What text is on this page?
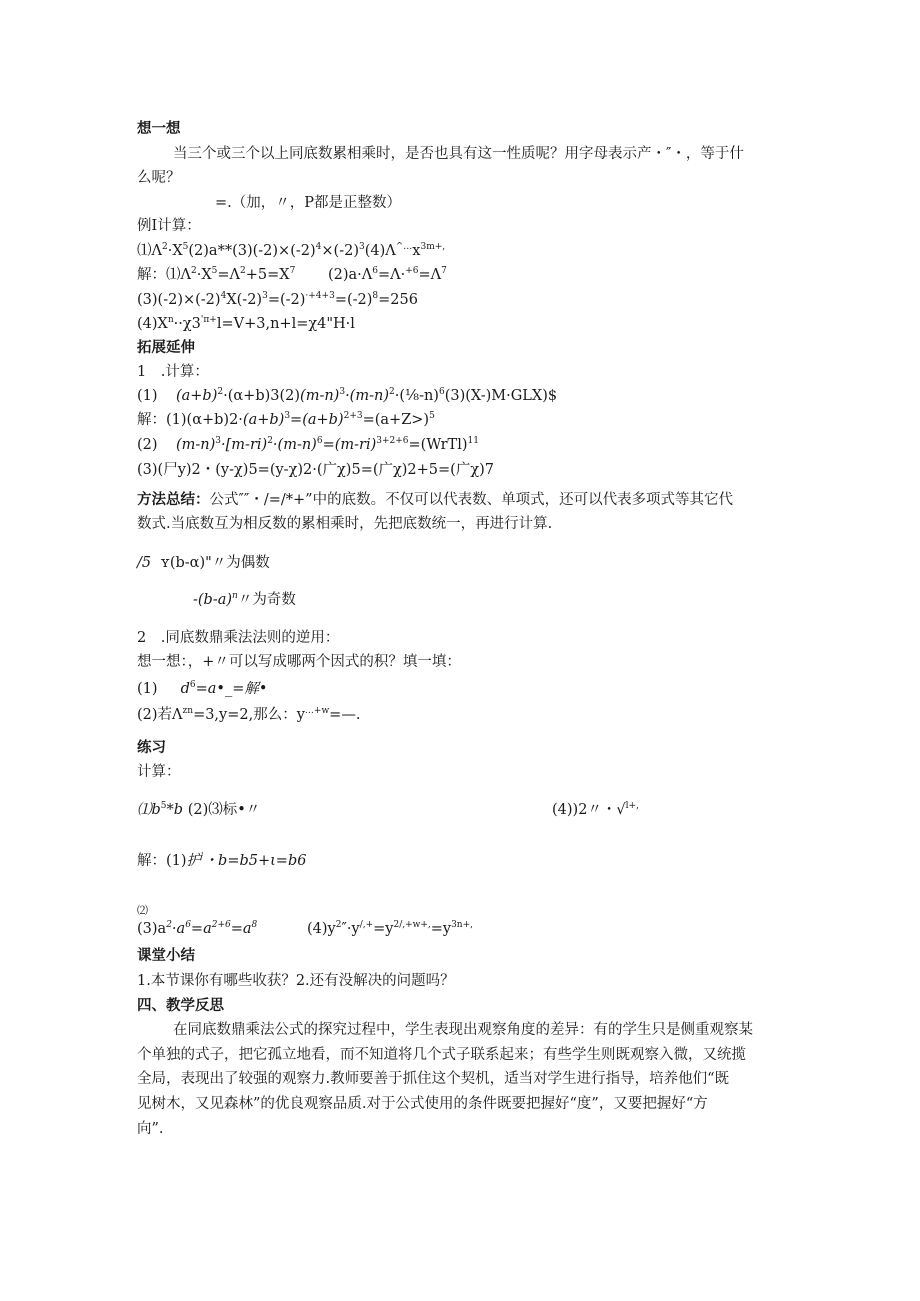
想一想
当三个或三个以上同底数累相乘时，是否也具有这一性质呢？用字母表示产・″・，等于什
么呢？
=.（加，〃，P都是正整数）
例I计算：
$⑴\Lambda^2\cdot X^5(2)a**(3)(-2)\times(-2)^4\times(-2)^3(4)\Lambda^{\^{}\dots}x^{3m+,}$
解：$⑴\Lambda^2\cdot X^5=\Lambda^2+5=X^7$ $(2)a\cdot\Lambda^6=\Lambda\cdot^{+6}=\Lambda^7$
$(3)(-2)\times(-2)^4X(-2)^3=(-2)^{\cdot+4+3}=(-2)^8=256$
$(4)X^n\cdot\cdot\chi 3^{'\pi+}l=V+3,n+l=\chi 4"H\cdot l$
拓展延伸
1　.计算：
(1) $(a+b)^2\cdot(\alpha+b)3(2)(m-n)^3\cdot(m-n)^2\cdot(\frac{1}{8}-n)^6(3)(X-)M\cdot GLX)\$$
解：$(1)(\alpha+b)2\cdot(a+b)^3=(a+b)^{2+3}=(a+Z>)^5$
(2) $(m-n)^3\cdot[m-ri)^2\cdot(m-n)^6=(m-ri)^{3+2+6}=(WrTl)^{11}$
(3)(尸y)2・(y-χ)5=(y-χ)2·(广χ)5=(广χ)2+5=(广χ)7
方法总结：公式″″・/=/*+”中的底数。不仅可以代表数、单项式，还可以代表多项式等其它代
数式.当底数互为相反数的累相乘时，先把底数统一，再进行计算.
/5 ʏ(b-α)"〃为偶数
$-(b-a)^n$〃为奇数
2　.同底数鼎乘法法则的逆用：
想一想：，+〃可以写成哪两个因式的积？填一填：
(1) $d^6=a•\_=$解•
(2)若$\Lambda^{zn}=3,y=2$,那么：$y^{\dots+w}=—$.
练习
计算：
$⑴b^5*b$ (2)⑶标•〃	(4))2〃・√$^{l+,}$
解：(1)护'・b=b5+ι=b6
⑵
$(3)a^2\cdot a^6=a^{2+6}=a^8$	$(4)y^2''\cdot y^{/,+}=y^{2/,+w+,}=y^{3n+,}$
课堂小结
1.本节课你有哪些收获？2.还有没解决的问题吗？
四、教学反思
在同底数鼎乘法公式的探究过程中，学生表现出观察角度的差异：有的学生只是侧重观察某
个单独的式子，把它孤立地看，而不知道将几个式子联系起来；有些学生则既观察入微，又统揽
全局，表现出了较强的观察力.教师要善于抓住这个契机，适当对学生进行指导，培养他们“既
见树木，又见森林”的优良观察品质.对于公式使用的条件既要把握好“度”，又要把握好“方
向”.
